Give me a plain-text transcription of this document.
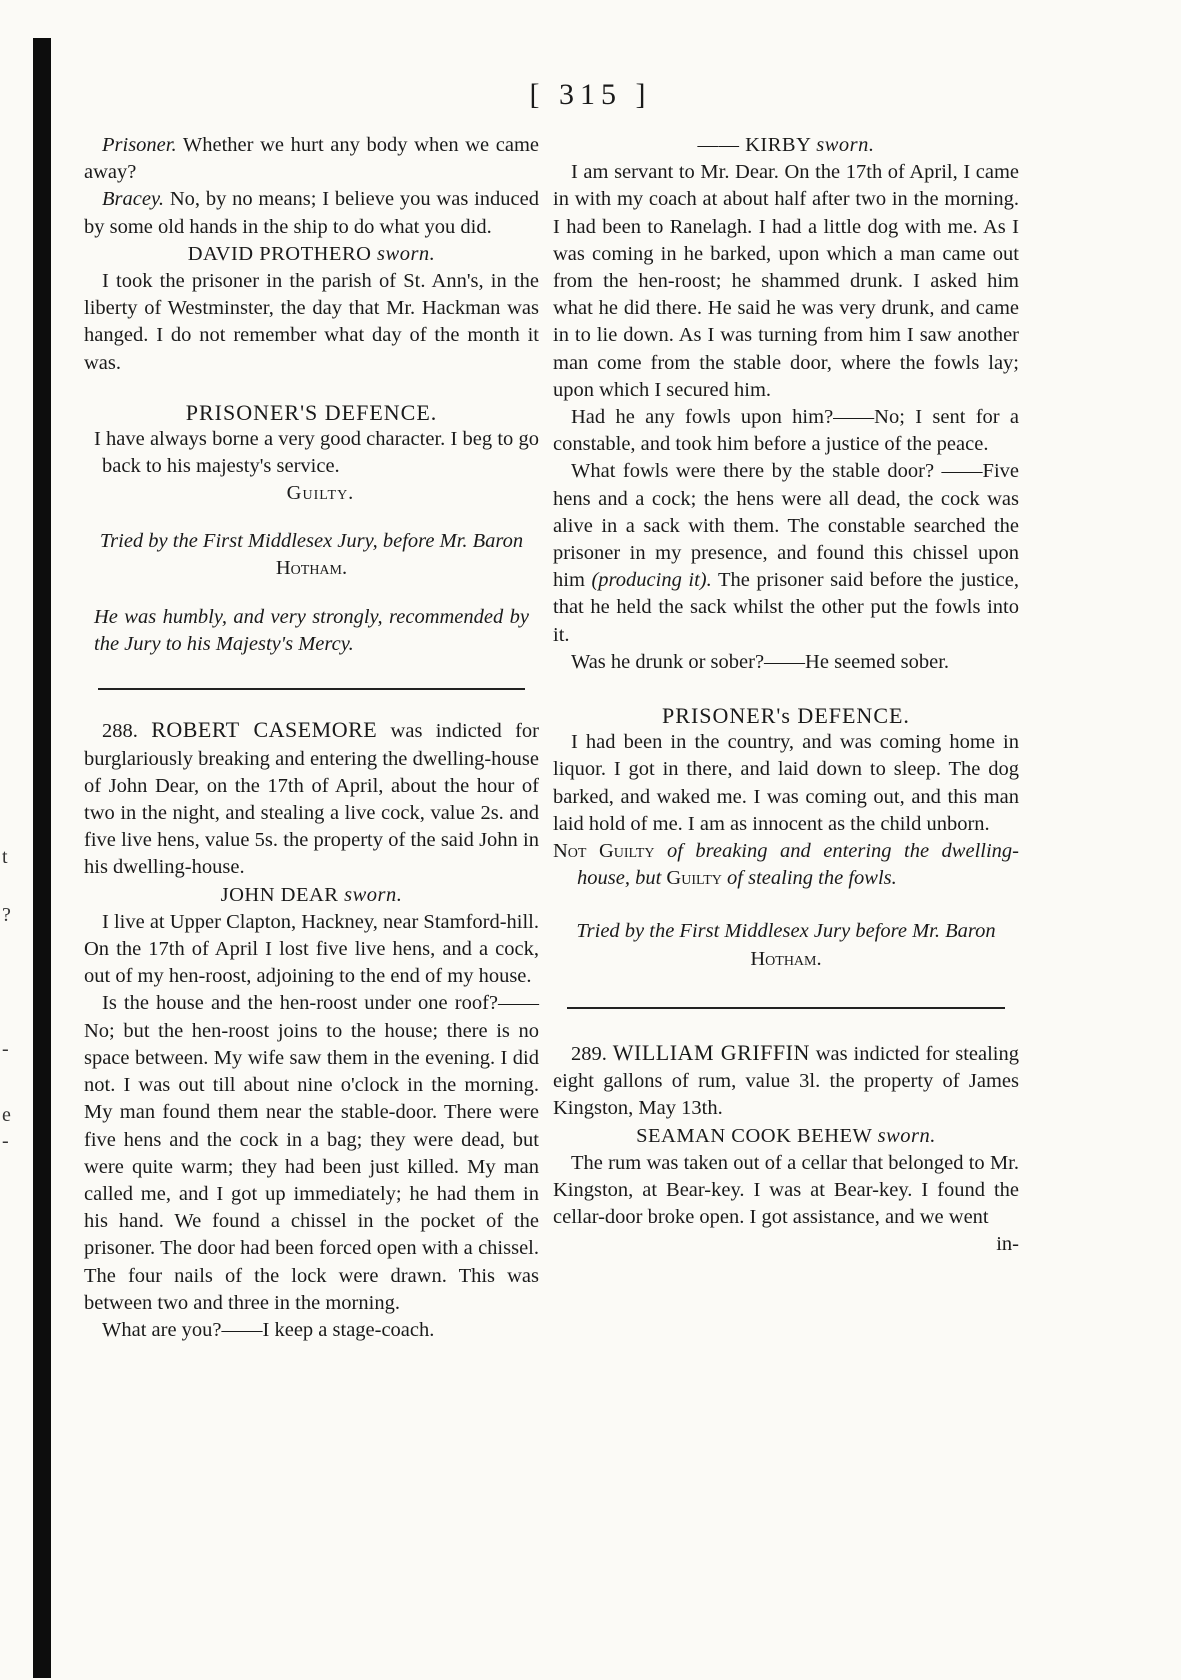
t
?
-
e
-
[ 315 ]

Prisoner. Whether we hurt any body when we came away?

Bracey. No, by no means; I believe you was induced by some old hands in the ship to do what you did.

DAVID PROTHERO sworn.

I took the prisoner in the parish of St. Ann's, in the liberty of Westminster, the day that Mr. Hackman was hanged. I do not remember what day of the month it was.

PRISONER'S DEFENCE.

I have always borne a very good character. I beg to go back to his majesty's service.

Guilty.

Tried by the First Middlesex Jury, before Mr. Baron Hotham.

He was humbly, and very strongly, recommended by the Jury to his Majesty's Mercy.

288. ROBERT CASEMORE was indicted for burglariously breaking and entering the dwelling-house of John Dear, on the 17th of April, about the hour of two in the night, and stealing a live cock, value 2s. and five live hens, value 5s. the property of the said John in his dwelling-house.

JOHN DEAR sworn.

I live at Upper Clapton, Hackney, near Stamford-hill. On the 17th of April I lost five live hens, and a cock, out of my hen-roost, adjoining to the end of my house.

Is the house and the hen-roost under one roof?——No; but the hen-roost joins to the house; there is no space between. My wife saw them in the evening. I did not. I was out till about nine o'clock in the morning. My man found them near the stable-door. There were five hens and the cock in a bag; they were dead, but were quite warm; they had been just killed. My man called me, and I got up immediately; he had them in his hand. We found a chissel in the pocket of the prisoner. The door had been forced open with a chissel. The four nails of the lock were drawn. This was between two and three in the morning.

What are you?——I keep a stage-coach.

—— KIRBY sworn.

I am servant to Mr. Dear. On the 17th of April, I came in with my coach at about half after two in the morning. I had been to Ranelagh. I had a little dog with me. As I was coming in he barked, upon which a man came out from the hen-roost; he shammed drunk. I asked him what he did there. He said he was very drunk, and came in to lie down. As I was turning from him I saw another man come from the stable door, where the fowls lay; upon which I secured him.

Had he any fowls upon him?——No; I sent for a constable, and took him before a justice of the peace.

What fowls were there by the stable door? ——Five hens and a cock; the hens were all dead, the cock was alive in a sack with them. The constable searched the prisoner in my presence, and found this chissel upon him (producing it). The prisoner said before the justice, that he held the sack whilst the other put the fowls into it.

Was he drunk or sober?——He seemed sober.

PRISONER's DEFENCE.

I had been in the country, and was coming home in liquor. I got in there, and laid down to sleep. The dog barked, and waked me. I was coming out, and this man laid hold of me. I am as innocent as the child unborn.

Not Guilty of breaking and entering the dwelling-house, but Guilty of stealing the fowls.

Tried by the First Middlesex Jury before Mr. Baron Hotham.

289. WILLIAM GRIFFIN was indicted for stealing eight gallons of rum, value 3l. the property of James Kingston, May 13th.

SEAMAN COOK BEHEW sworn.

The rum was taken out of a cellar that belonged to Mr. Kingston, at Bear-key. I was at Bear-key. I found the cellar-door broke open. I got assistance, and we went

in-
